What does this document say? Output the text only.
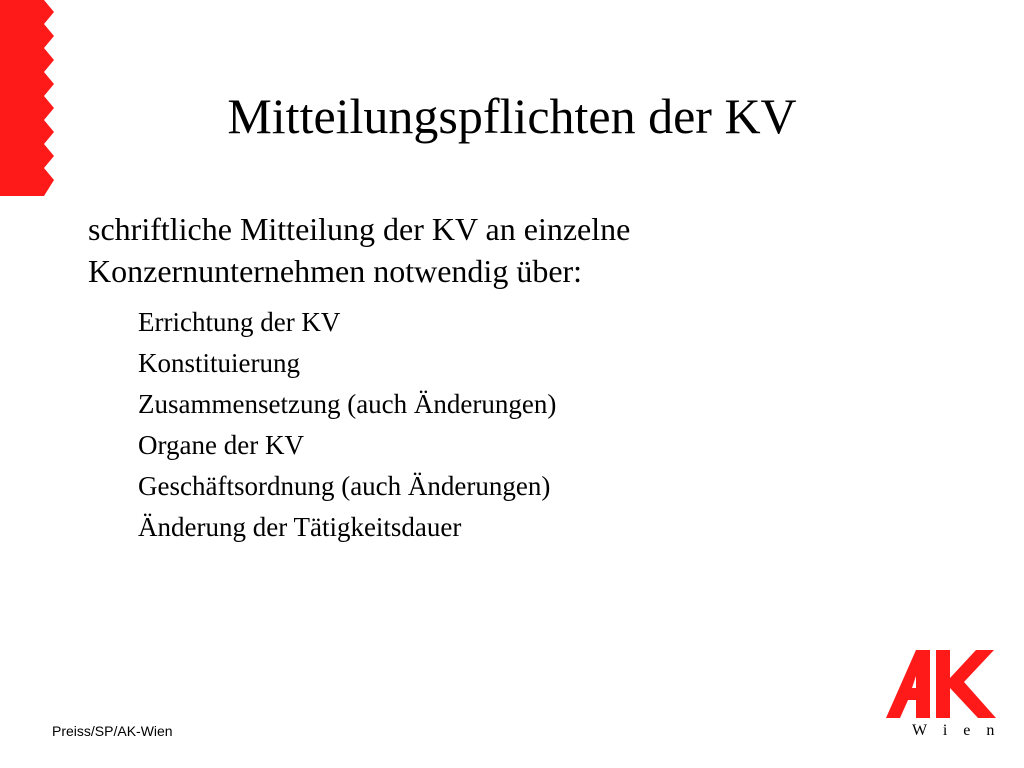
Mitteilungspflichten der KV
schriftliche Mitteilung der KV an einzelne
Konzernunternehmen notwendig über:
Errichtung der KV
Konstituierung
Zusammensetzung (auch Änderungen)
Organe der KV
Geschäftsordnung (auch Änderungen)
Änderung der Tätigkeitsdauer
Preiss/SP/AK-Wien	W i e n
